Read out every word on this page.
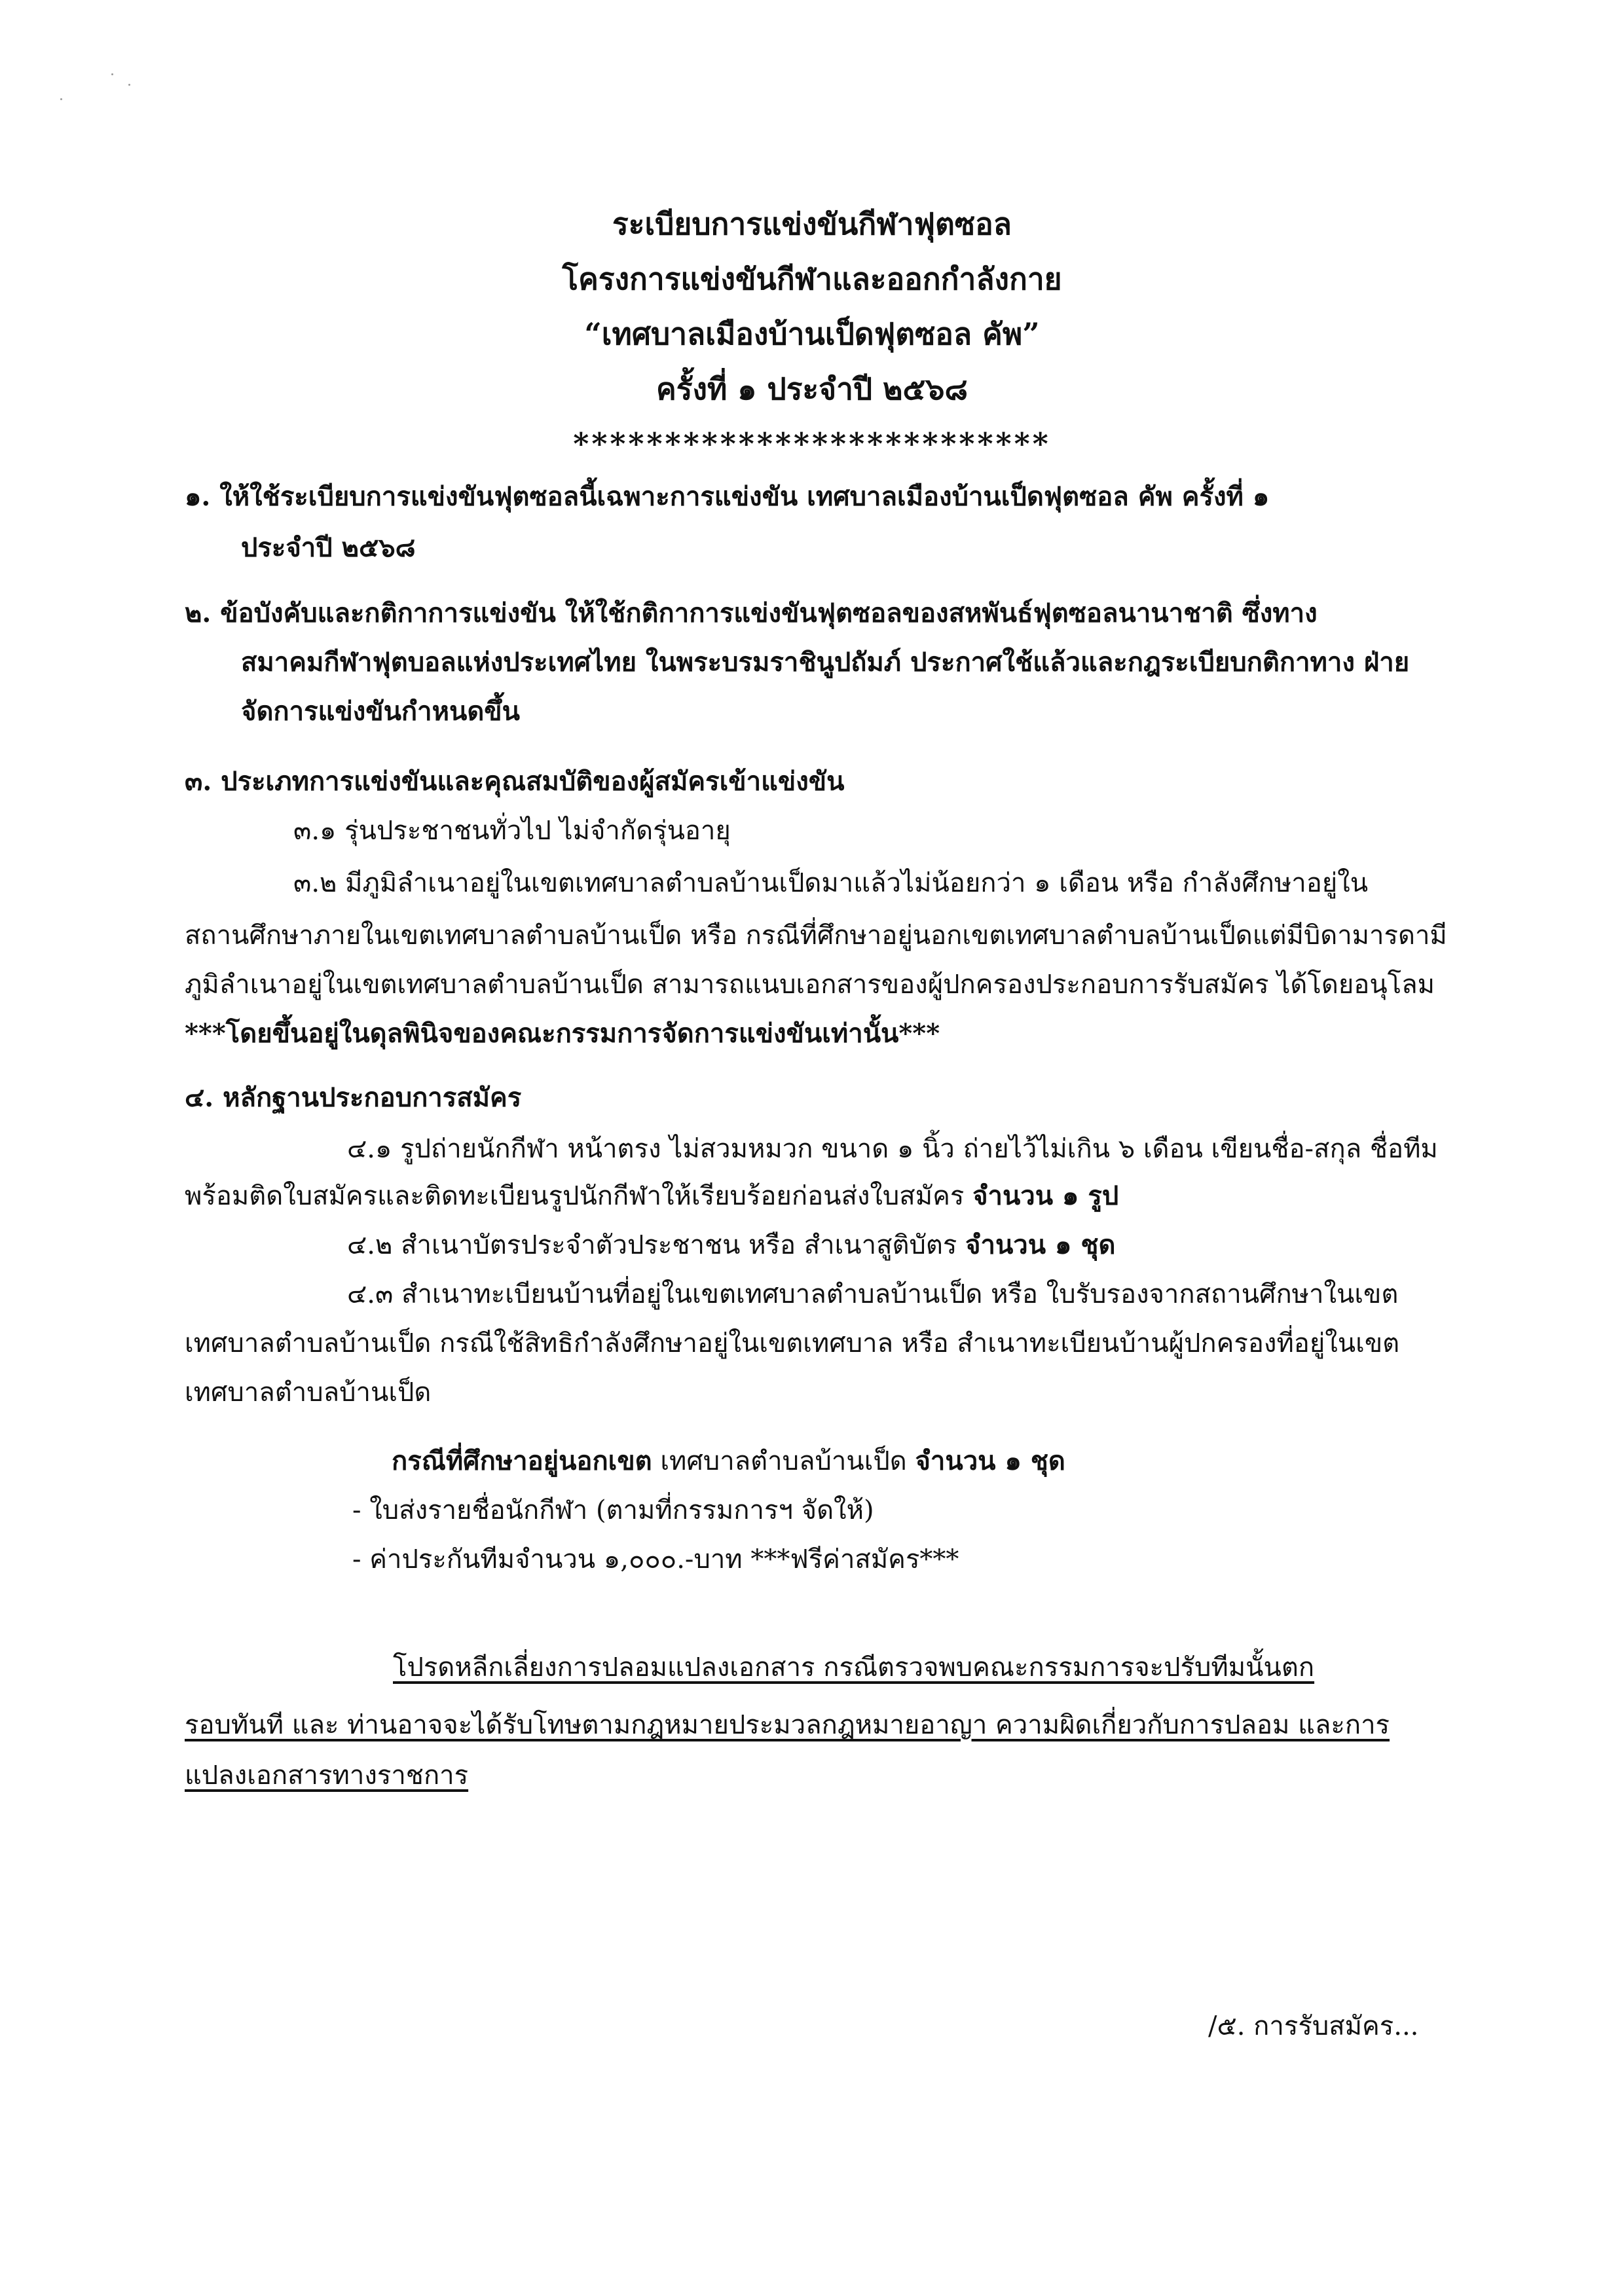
ระเบียบการแข่งขันกีฬาฟุตซอล
โครงการแข่งขันกีฬาและออกกำลังกาย
“เทศบาลเมืองบ้านเป็ดฟุตซอล คัพ”
ครั้งที่ ๑ ประจำปี ๒๕๖๘
**************************
๑. ให้ใช้ระเบียบการแข่งขันฟุตซอลนี้เฉพาะการแข่งขัน เทศบาลเมืองบ้านเป็ดฟุตซอล คัพ ครั้งที่ ๑
ประจำปี ๒๕๖๘
๒. ข้อบังคับและกติกาการแข่งขัน ให้ใช้กติกาการแข่งขันฟุตซอลของสหพันธ์ฟุตซอลนานาชาติ ซึ่งทาง
สมาคมกีฬาฟุตบอลแห่งประเทศไทย ในพระบรมราชินูปถัมภ์ ประกาศใช้แล้วและกฎระเบียบกติกาทาง ฝ่าย
จัดการแข่งขันกำหนดขึ้น
๓. ประเภทการแข่งขันและคุณสมบัติของผู้สมัครเข้าแข่งขัน
๓.๑ รุ่นประชาชนทั่วไป ไม่จำกัดรุ่นอายุ
๓.๒ มีภูมิลำเนาอยู่ในเขตเทศบาลตำบลบ้านเป็ดมาแล้วไม่น้อยกว่า ๑ เดือน หรือ กำลังศึกษาอยู่ใน
สถานศึกษาภายในเขตเทศบาลตำบลบ้านเป็ด หรือ กรณีที่ศึกษาอยู่นอกเขตเทศบาลตำบลบ้านเป็ดแต่มีบิดามารดามี
ภูมิลำเนาอยู่ในเขตเทศบาลตำบลบ้านเป็ด สามารถแนบเอกสารของผู้ปกครองประกอบการรับสมัคร ได้โดยอนุโลม
***โดยขึ้นอยู่ในดุลพินิจของคณะกรรมการจัดการแข่งขันเท่านั้น***
๔. หลักฐานประกอบการสมัคร
๔.๑ รูปถ่ายนักกีฬา หน้าตรง ไม่สวมหมวก ขนาด ๑ นิ้ว ถ่ายไว้ไม่เกิน ๖ เดือน เขียนชื่อ-สกุล ชื่อทีม
พร้อมติดใบสมัครและติดทะเบียนรูปนักกีฬาให้เรียบร้อยก่อนส่งใบสมัคร จำนวน ๑ รูป
๔.๒ สำเนาบัตรประจำตัวประชาชน หรือ สำเนาสูติบัตร จำนวน ๑ ชุด
๔.๓ สำเนาทะเบียนบ้านที่อยู่ในเขตเทศบาลตำบลบ้านเป็ด หรือ ใบรับรองจากสถานศึกษาในเขต
เทศบาลตำบลบ้านเป็ด กรณีใช้สิทธิกำลังศึกษาอยู่ในเขตเทศบาล หรือ สำเนาทะเบียนบ้านผู้ปกครองที่อยู่ในเขต
เทศบาลตำบลบ้านเป็ด
กรณีที่ศึกษาอยู่นอกเขต เทศบาลตำบลบ้านเป็ด จำนวน ๑ ชุด
- ใบส่งรายชื่อนักกีฬา (ตามที่กรรมการฯ จัดให้)
- ค่าประกันทีมจำนวน ๑,๐๐๐.-บาท ***ฟรีค่าสมัคร***
โปรดหลีกเลี่ยงการปลอมแปลงเอกสาร กรณีตรวจพบคณะกรรมการจะปรับทีมนั้นตก
รอบทันที และ ท่านอาจจะได้รับโทษตามกฎหมายประมวลกฎหมายอาญา ความผิดเกี่ยวกับการปลอม และการ
แปลงเอกสารทางราชการ
/๕. การรับสมัคร...
